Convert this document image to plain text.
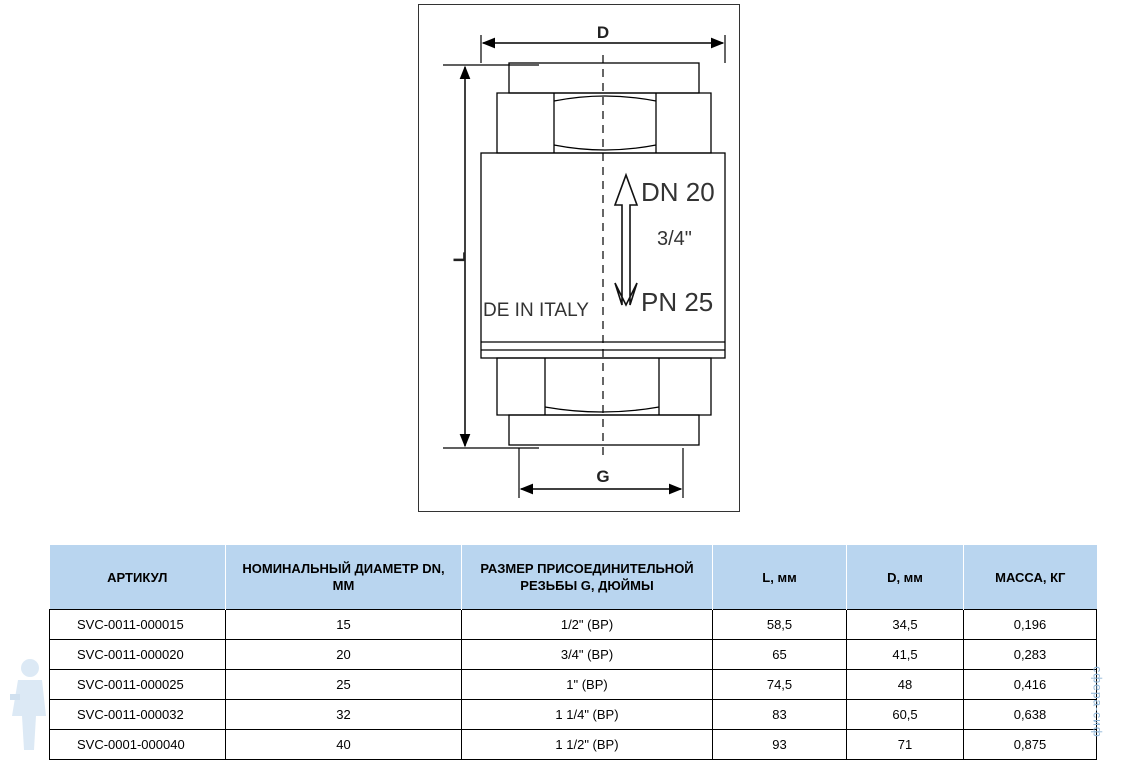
D
L
DN 20
3/4"
PN 25
DE IN ITALY
G
АРТИКУЛ	НОМИНАЛЬНЫЙ ДИАМЕТР DN, ММ	РАЗМЕР ПРИСОЕДИНИТЕЛЬНОЙ РЕЗЬБЫ G, ДЮЙМЫ	L, мм	D, мм	МАССА, КГ
SVC-0011-000015	15	1/2" (ВР)	58,5	34,5	0,196
SVC-0011-000020	20	3/4" (ВР)	65	41,5	0,283
SVC-0011-000025	25	1" (ВР)	74,5	48	0,416
SVC-0011-000032	32	1 1/4" (ВР)	83	60,5	0,638
SVC-0001-000040	40	1 1/2" (ВР)	93	71	0,875
сфера-сиф
